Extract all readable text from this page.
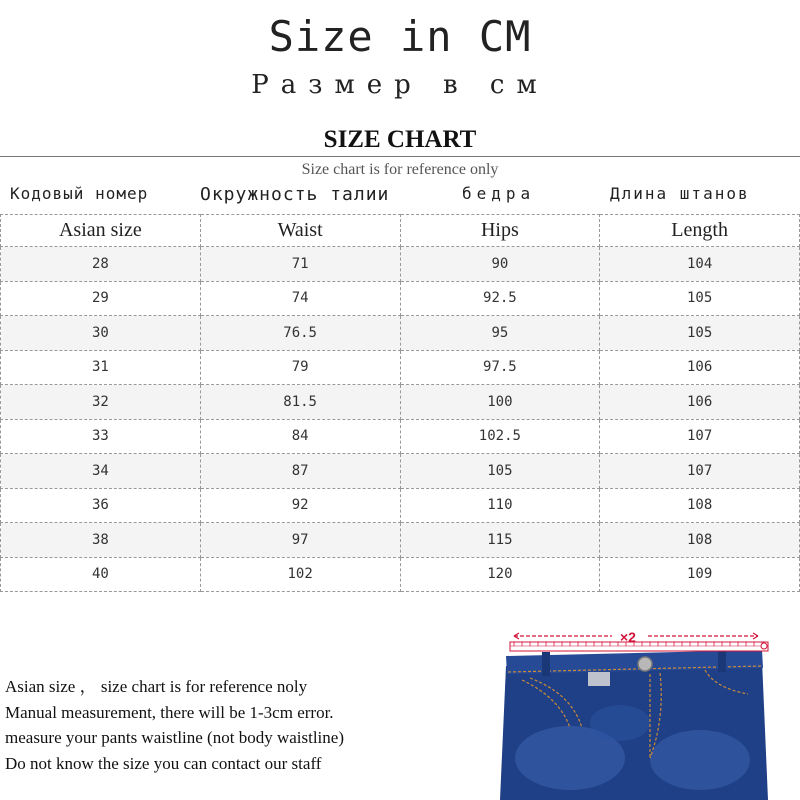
Size in CM
Размер в см
SIZE CHART
Size chart is for reference only
Кодовый номер	Окружность талии	бедра	Длина штанов
Asian size	Waist	Hips	Length
28	71	90	104
29	74	92.5	105
30	76.5	95	105
31	79	97.5	106
32	81.5	100	106
33	84	102.5	107
34	87	105	107
36	92	110	108
38	97	115	108
40	102	120	109
Asian size ， size chart is for reference noly
Manual measurement, there will be 1-3cm error.
measure your pants waistline (not body waistline)
Do not know the size you can contact our staff
×2
